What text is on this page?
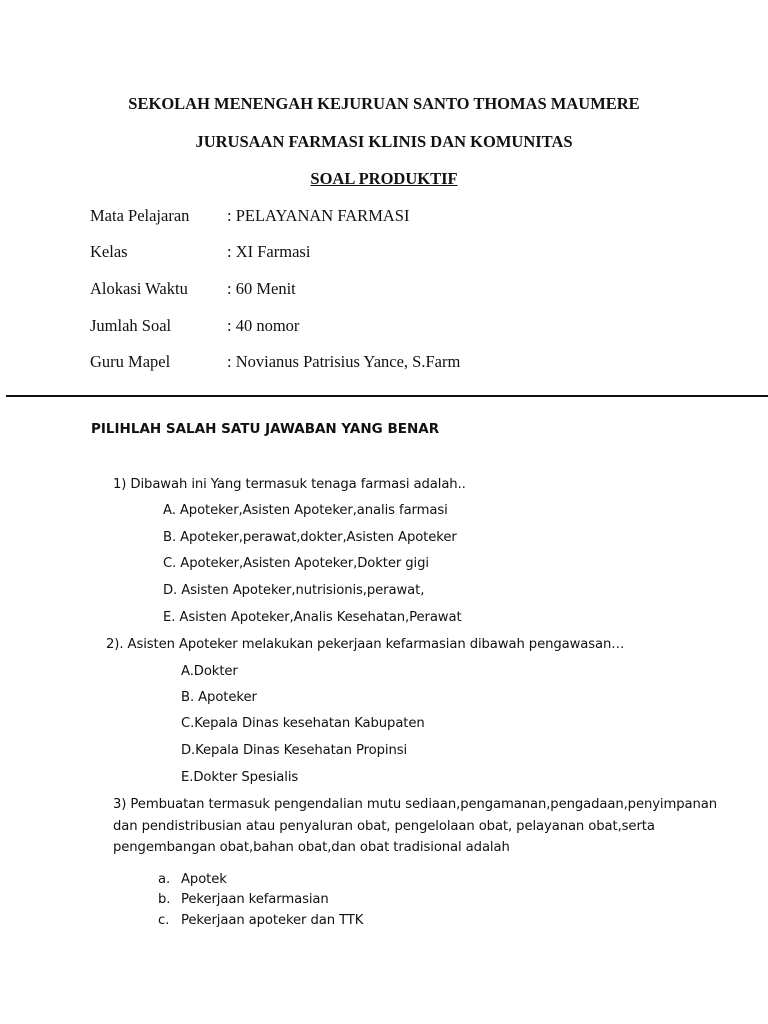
SEKOLAH MENENGAH KEJURUAN SANTO THOMAS MAUMERE
JURUSAAN FARMASI KLINIS DAN KOMUNITAS
SOAL PRODUKTIF
Mata Pelajaran : PELAYANAN FARMASI
Kelas	: XI Farmasi
Alokasi Waktu : 60 Menit
Jumlah Soal	: 40 nomor
Guru Mapel	: Novianus Patrisius Yance, S.Farm
PILIHLAH SALAH SATU JAWABAN YANG BENAR
1) Dibawah ini Yang termasuk tenaga farmasi adalah..
A. Apoteker,Asisten Apoteker,analis farmasi
B. Apoteker,perawat,dokter,Asisten Apoteker
C. Apoteker,Asisten Apoteker,Dokter gigi
D. Asisten Apoteker,nutrisionis,perawat,
E. Asisten Apoteker,Analis Kesehatan,Perawat
2). Asisten Apoteker melakukan pekerjaan kefarmasian dibawah pengawasan…
A.Dokter
B. Apoteker
C.Kepala Dinas kesehatan Kabupaten
D.Kepala Dinas Kesehatan Propinsi
E.Dokter Spesialis
3) Pembuatan termasuk pengendalian mutu sediaan,pengamanan,pengadaan,penyimpanan
dan pendistribusian atau penyaluran obat, pengelolaan obat, pelayanan obat,serta
pengembangan obat,bahan obat,dan obat tradisional adalah
a. Apotek
b. Pekerjaan kefarmasian
c. Pekerjaan apoteker dan TTK
